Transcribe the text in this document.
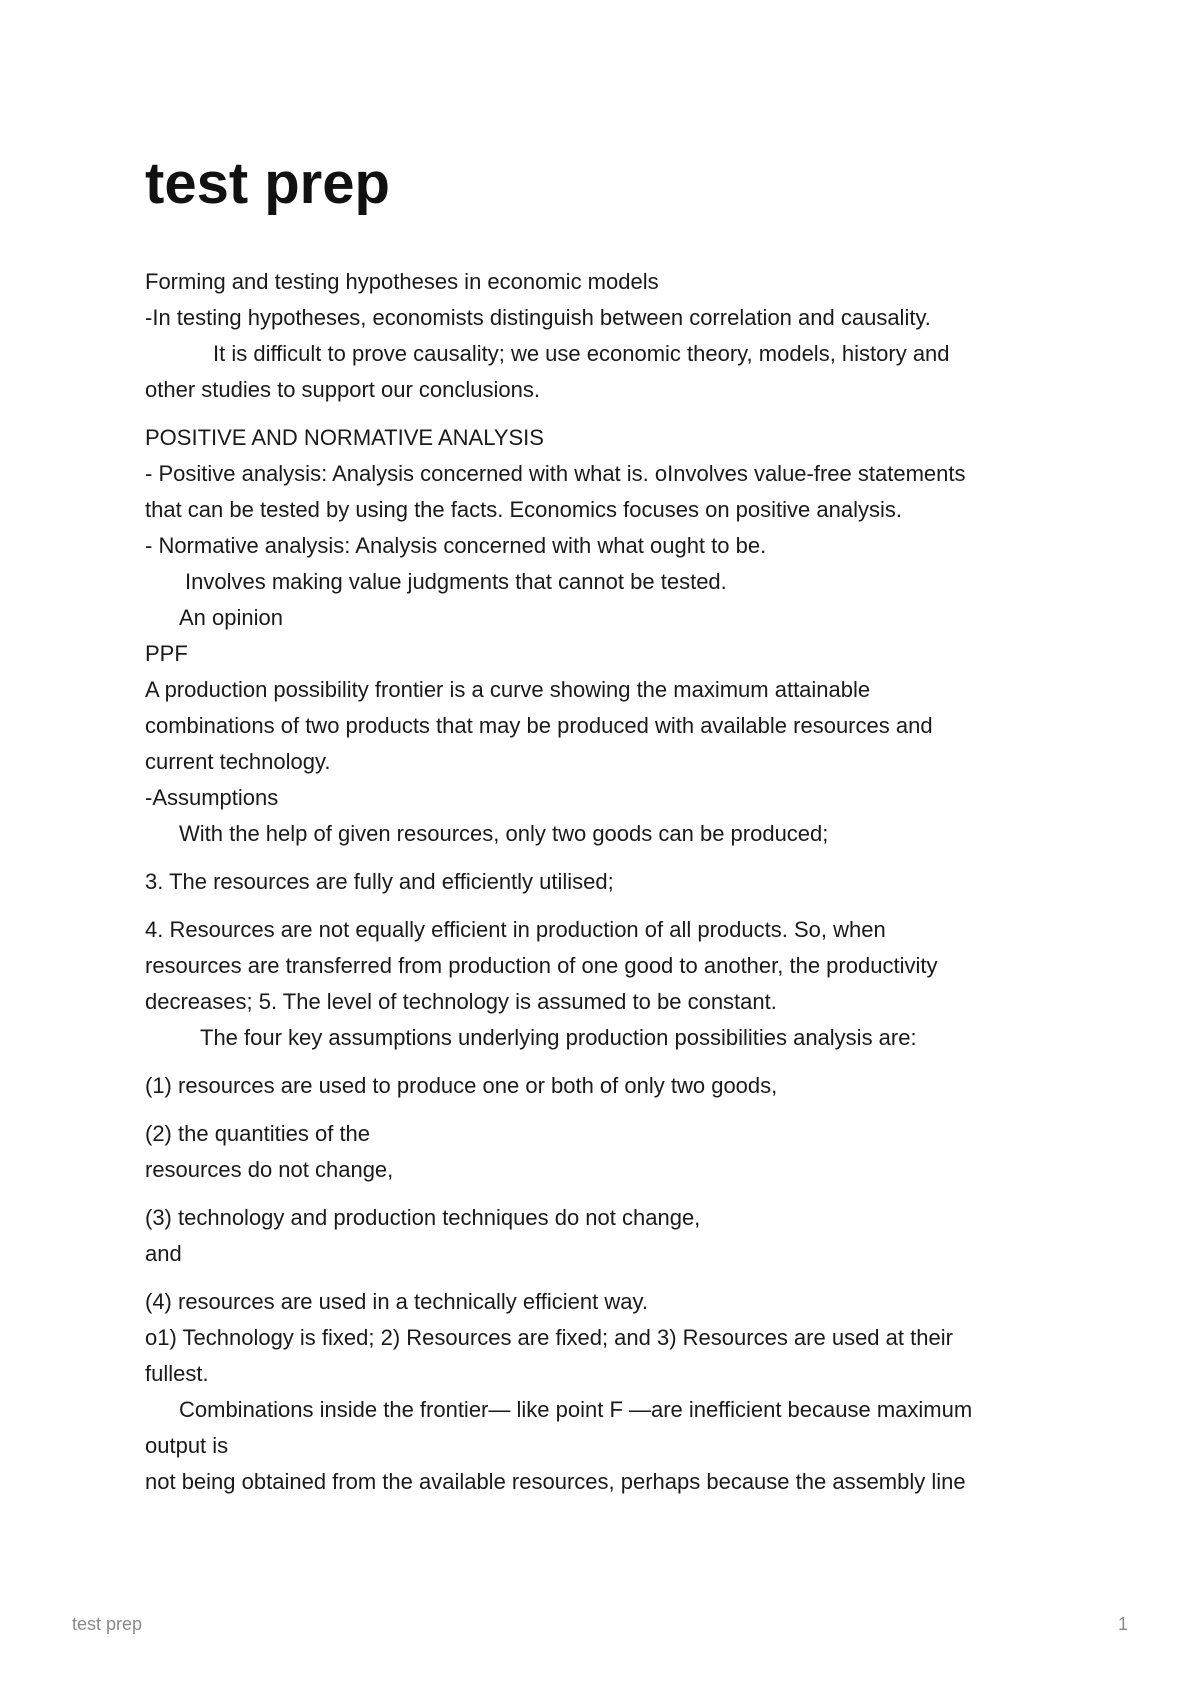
test prep

Forming and testing hypotheses in economic models

-In testing hypotheses, economists distinguish between correlation and causality.

It is difficult to prove causality; we use economic theory, models, history and

other studies to support our conclusions.

POSITIVE AND NORMATIVE ANALYSIS

- Positive analysis: Analysis concerned with what is. oInvolves value-free statements

that can be tested by using the facts. Economics focuses on positive analysis.

- Normative analysis: Analysis concerned with what ought to be.

Involves making value judgments that cannot be tested.

An opinion

PPF

A production possibility frontier is a curve showing the maximum attainable

combinations of two products that may be produced with available resources and

current technology.

-Assumptions

With the help of given resources, only two goods can be produced;

3. The resources are fully and efficiently utilised;

4. Resources are not equally efficient in production of all products. So, when

resources are transferred from production of one good to another, the productivity

decreases; 5. The level of technology is assumed to be constant.

The four key assumptions underlying production possibilities analysis are:

(1) resources are used to produce one or both of only two goods,

(2) the quantities of the

resources do not change,

(3) technology and production techniques do not change,

and

(4) resources are used in a technically efficient way.

o1) Technology is fixed; 2) Resources are fixed; and 3) Resources are used at their

fullest.

Combinations inside the frontier— like point F —are inefficient because maximum

output is

not being obtained from the available resources, perhaps because the assembly line

test prep	1
